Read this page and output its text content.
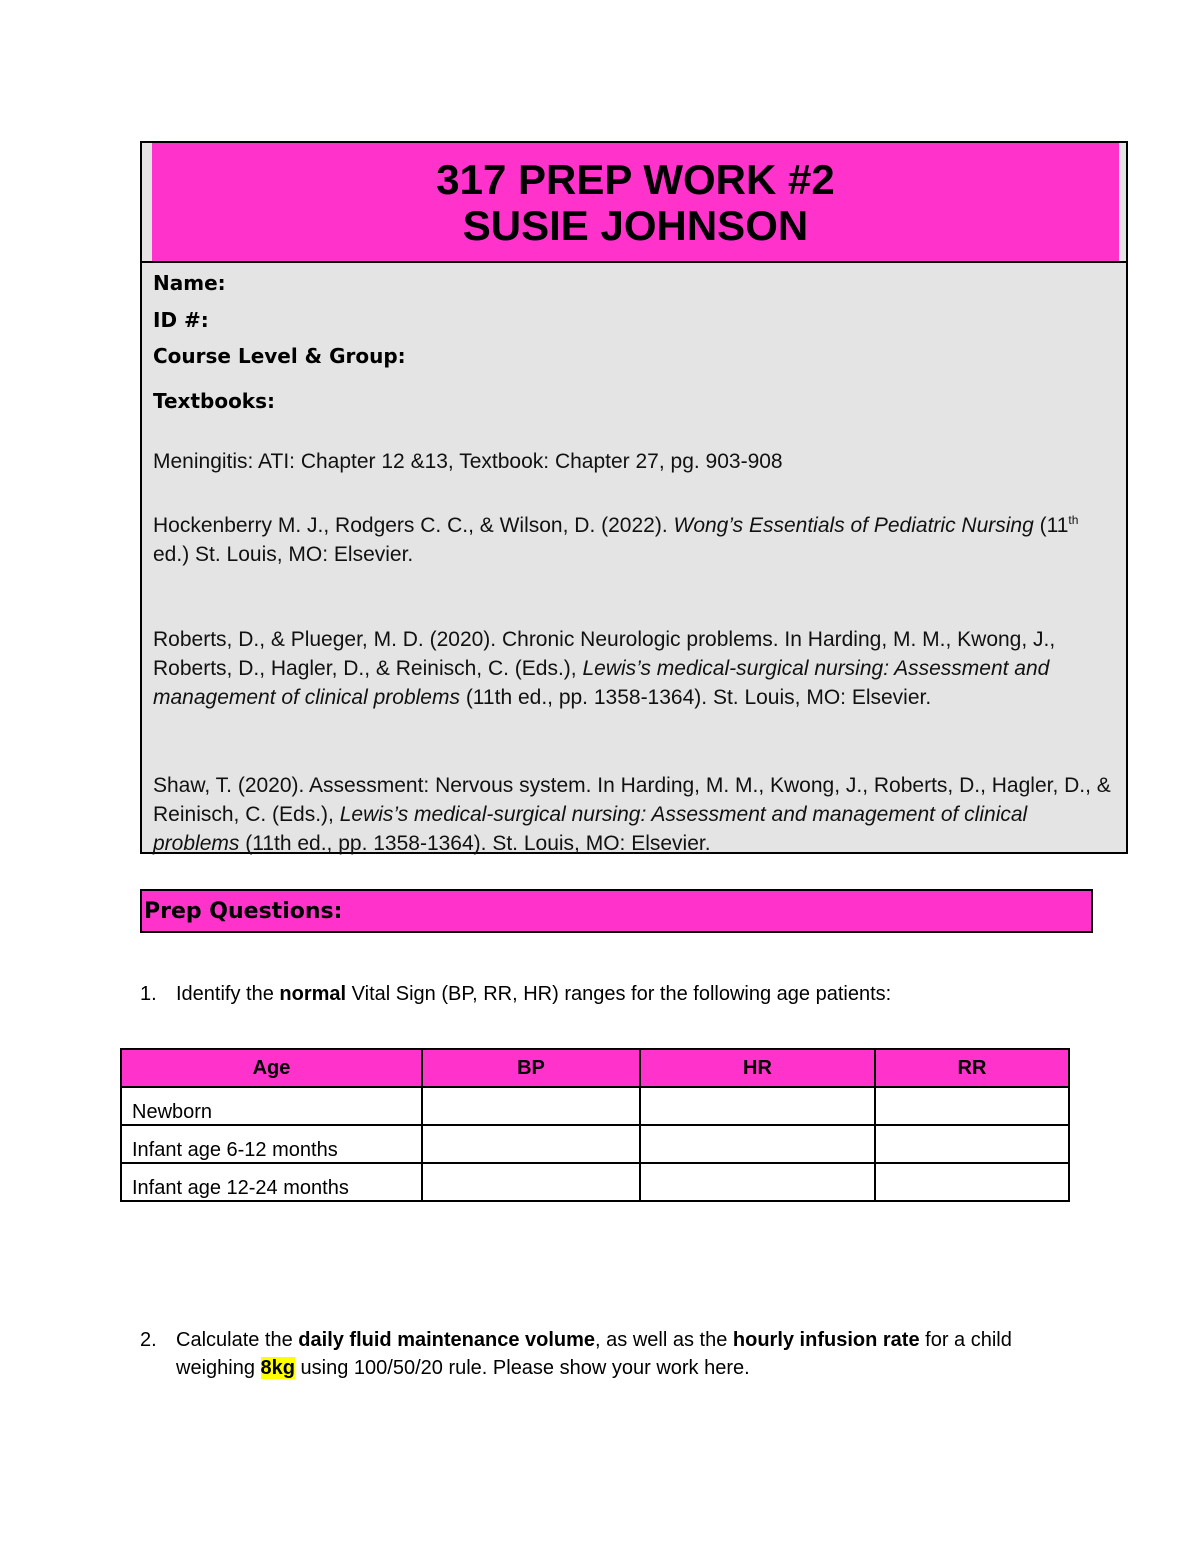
317 PREP WORK #2
SUSIE JOHNSON
Name:
ID #:
Course Level & Group:
Textbooks:
Meningitis: ATI: Chapter 12 &13, Textbook: Chapter 27, pg. 903-908
Hockenberry M. J., Rodgers C. C., & Wilson, D. (2022). Wong’s Essentials of Pediatric Nursing (11th ed.) St. Louis, MO: Elsevier.
Roberts, D., & Plueger, M. D. (2020). Chronic Neurologic problems. In Harding, M. M., Kwong, J., Roberts, D., Hagler, D., & Reinisch, C. (Eds.), Lewis’s medical-surgical nursing: Assessment and management of clinical problems (11th ed., pp. 1358-1364). St. Louis, MO: Elsevier.
Shaw, T. (2020). Assessment: Nervous system. In Harding, M. M., Kwong, J., Roberts, D., Hagler, D., & Reinisch, C. (Eds.), Lewis’s medical-surgical nursing: Assessment and management of clinical problems (11th ed., pp. 1358-1364). St. Louis, MO: Elsevier.
Prep Questions:
1. Identify the normal Vital Sign (BP, RR, HR) ranges for the following age patients:
Age	BP	HR	RR
Newborn			
Infant age 6-12 months			
Infant age 12-24 months			
2. Calculate the daily fluid maintenance volume, as well as the hourly infusion rate for a child weighing 8kg using 100/50/20 rule. Please show your work here.
